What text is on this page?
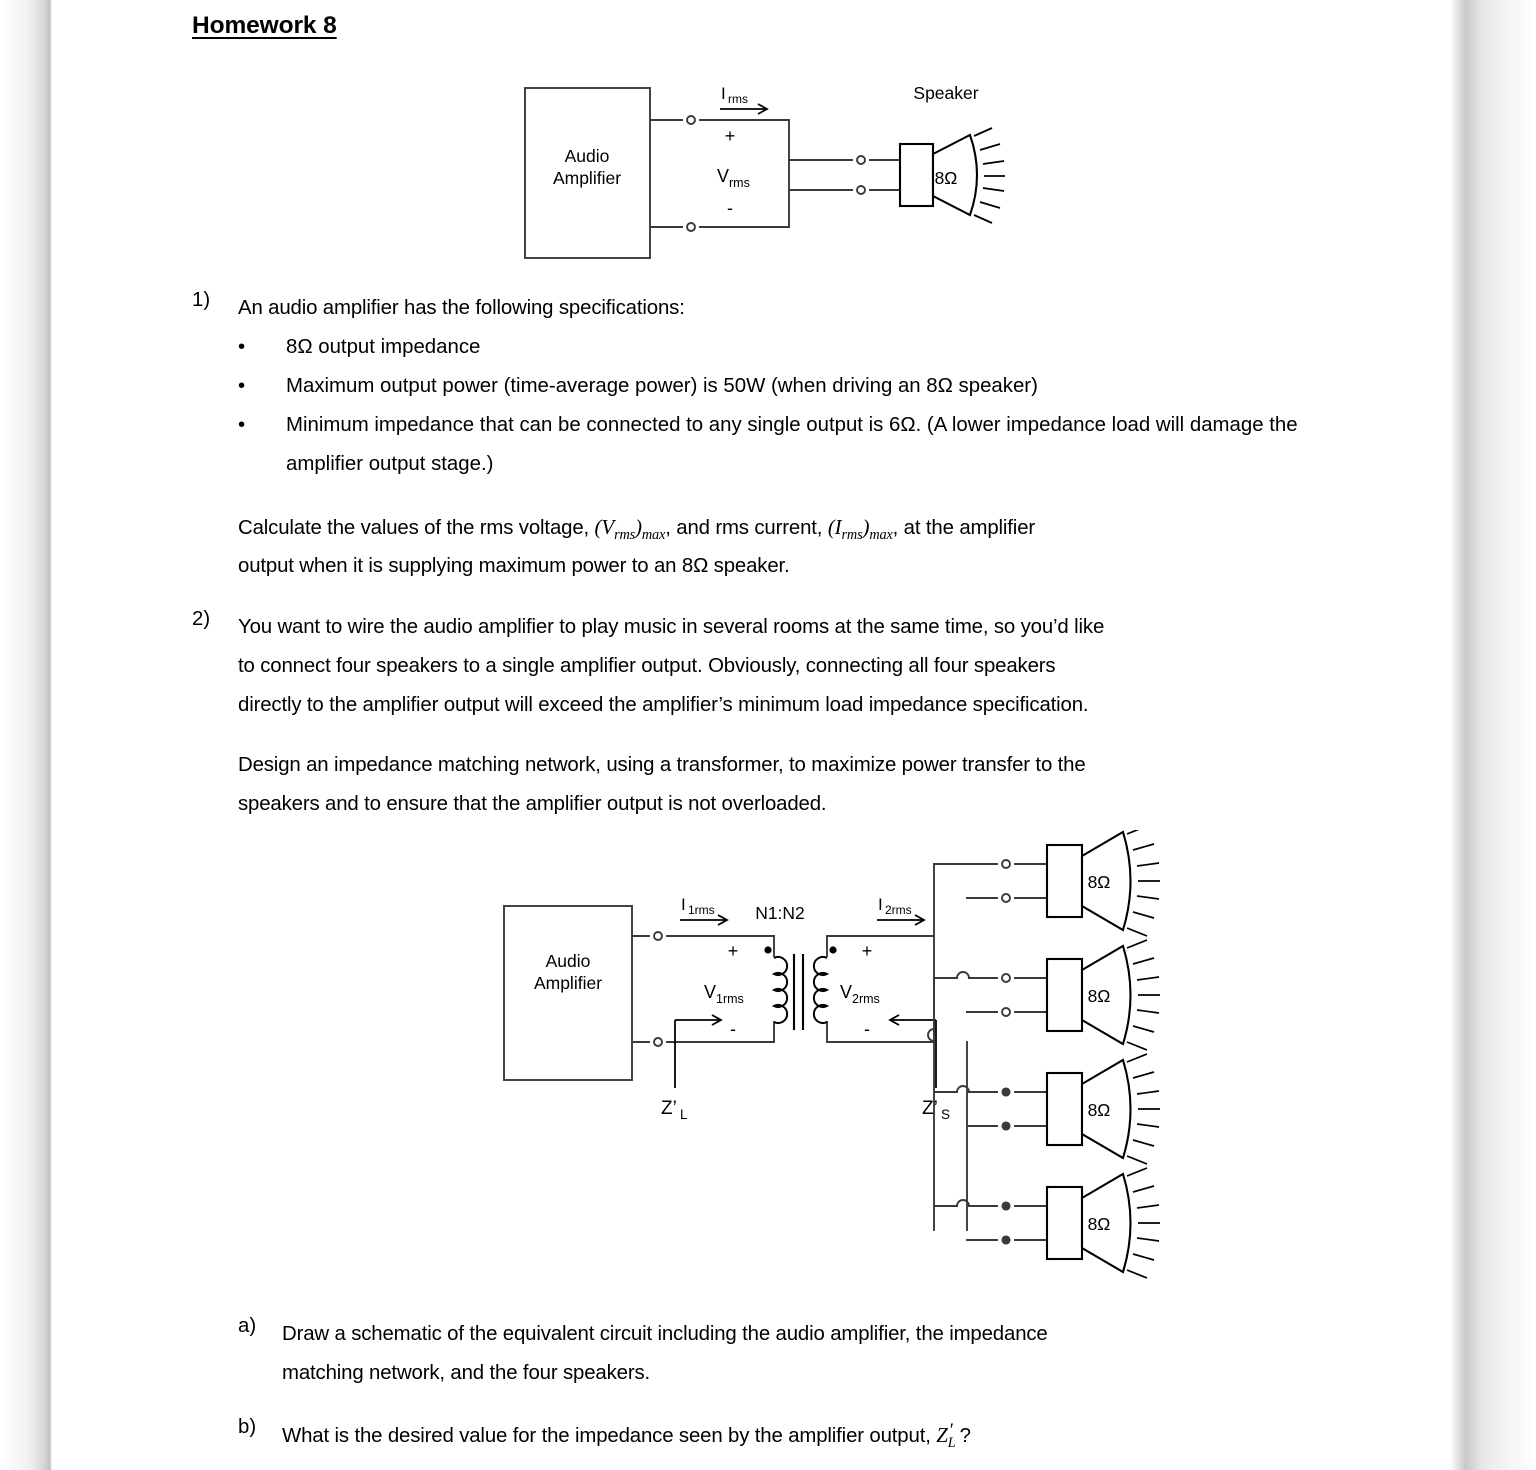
Homework 8
Audio
Amplifier
I rms
+
V rms
-
Speaker
8Ω
1) An audio amplifier has the following specifications:
• 8Ω output impedance
• Maximum output power (time-average power) is 50W (when driving an 8Ω speaker)
• Minimum impedance that can be connected to any single output is 6Ω. (A lower impedance load will damage the amplifier output stage.)
Calculate the values of the rms voltage, $(V_{rms})_{max}$, and rms current, $(I_{rms})_{max}$, at the amplifier
output when it is supplying maximum power to an 8Ω speaker.
2) You want to wire the audio amplifier to play music in several rooms at the same time, so you’d like
to connect four speakers to a single amplifier output. Obviously, connecting all four speakers
directly to the amplifier output will exceed the amplifier’s minimum load impedance specification.
Design an impedance matching network, using a transformer, to maximize power transfer to the
speakers and to ensure that the amplifier output is not overloaded.
8Ω
8Ω
8Ω
8Ω
Audio
Amplifier
I 1rms	I 2rms
N1:N2
+
V 1rms
-
+
V 2rms
-
Z’ L	Z’ S
a) Draw a schematic of the equivalent circuit including the audio amplifier, the impedance
matching network, and the four speakers.
b) What is the desired value for the impedance seen by the amplifier output, $Z_L'$ ?
